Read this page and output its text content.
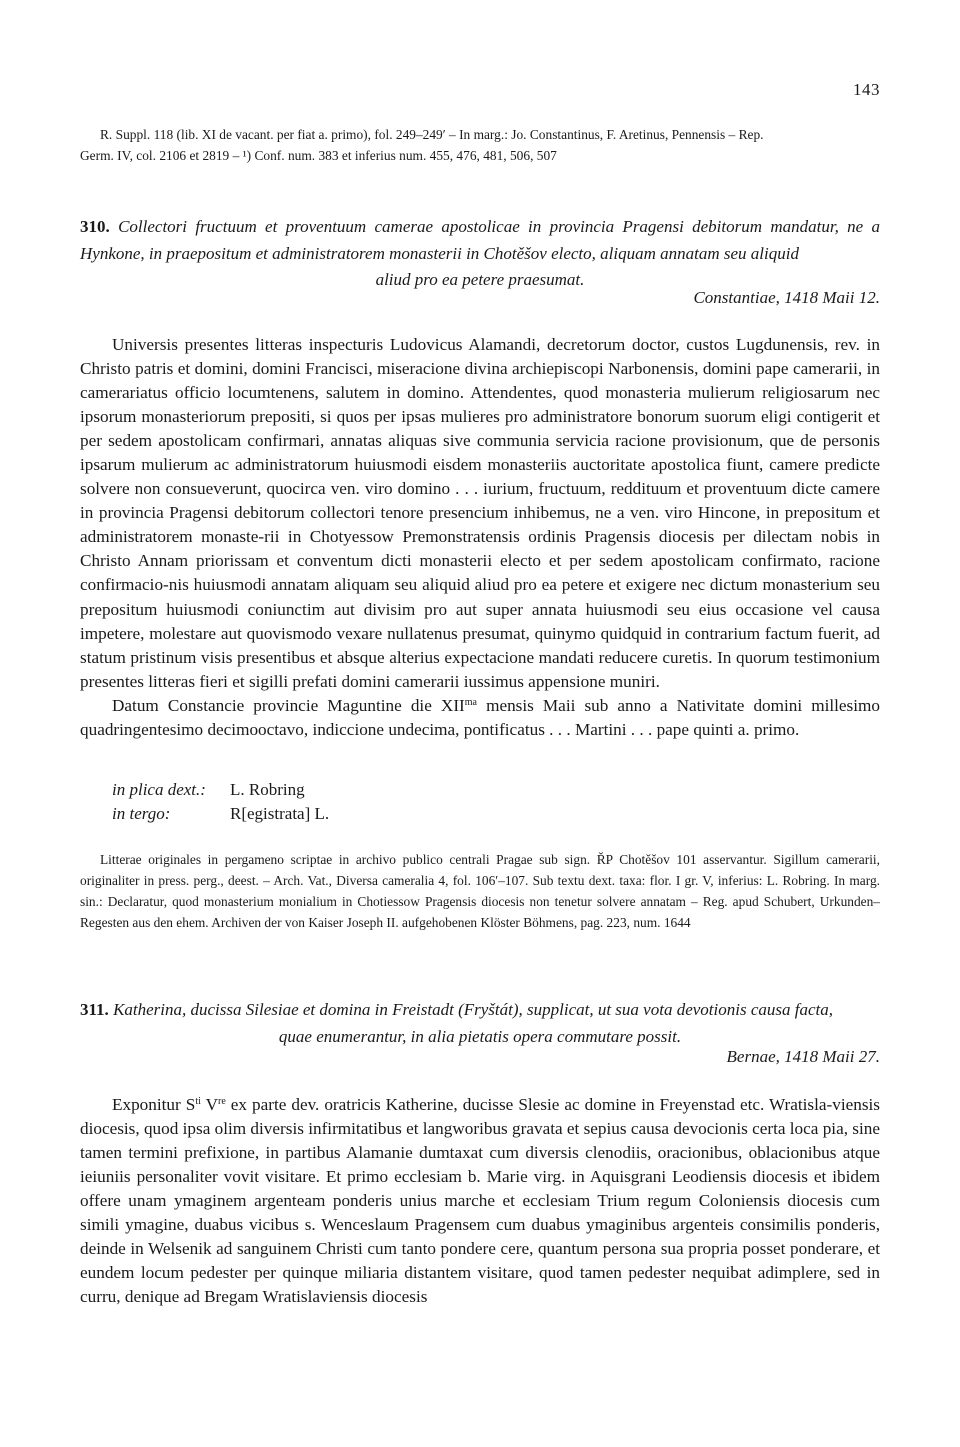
143
R. Suppl. 118 (lib. XI de vacant. per fiat a. primo), fol. 249–249′ – In marg.: Jo. Constantinus, F. Aretinus, Pennensis – Rep.
Germ. IV, col. 2106 et 2819 – ¹) Conf. num. 383 et inferius num. 455, 476, 481, 506, 507
310. Collectori fructuum et proventuum camerae apostolicae in provincia Pragensi debitorum mandatur, ne a Hynkone, in praepositum et administratorem monasterii in Chotěšov electo, aliquam annatam seu aliquid
aliud pro ea petere praesumat.
Constantiae, 1418 Maii 12.

Universis presentes litteras inspecturis Ludovicus Alamandi, decretorum doctor, custos Lugdunensis, rev. in Christo patris et domini, domini Francisci, miseracione divina archiepiscopi Narbonensis, domini pape camerarii, in camerariatus officio locumtenens, salutem in domino. Attendentes, quod monasteria mulierum religiosarum nec ipsorum monasteriorum prepositi, si quos per ipsas mulieres pro administratore bonorum suorum eligi contigerit et per sedem apostolicam confirmari, annatas aliquas sive communia servicia racione provisionum, que de personis ipsarum mulierum ac administratorum huiusmodi eisdem monasteriis auctoritate apostolica fiunt, camere predicte solvere non consueverunt, quocirca ven. viro domino . . . iurium, fructuum, reddituum et proventuum dicte camere in provincia Pragensi debitorum collectori tenore presencium inhibemus, ne a ven. viro Hincone, in prepositum et administratorem monaste-rii in Chotyessow Premonstratensis ordinis Pragensis diocesis per dilectam nobis in Christo Annam priorissam et conventum dicti monasterii electo et per sedem apostolicam confirmato, racione confirmacio-nis huiusmodi annatam aliquam seu aliquid aliud pro ea petere et exigere nec dictum monasterium seu prepositum huiusmodi coniunctim aut divisim pro aut super annata huiusmodi seu eius occasione vel causa impetere, molestare aut quovismodo vexare nullatenus presumat, quinymo quidquid in contrarium factum fuerit, ad statum pristinum visis presentibus et absque alterius expectacione mandati reducere curetis. In quorum testimonium presentes litteras fieri et sigilli prefati domini camerarii iussimus appensione muniri.

Datum Constancie provincie Maguntine die $XII^{ma}$ mensis Maii sub anno a Nativitate domini millesimo quadringentesimo decimooctavo, indiccione undecima, pontificatus . . . Martini . . . pape quinti a. primo.

in plica dext.:	L. Robring
in tergo:	R[egistrata] L.
Litterae originales in pergameno scriptae in archivo publico centrali Pragae sub sign. ŘP Chotěšov 101 asservantur. Sigillum camerarii, originaliter in press. perg., deest. – Arch. Vat., Diversa cameralia 4, fol. 106′–107. Sub textu dext. taxa: flor. I gr. V, inferius: L. Robring. In marg. sin.: Declaratur, quod monasterium monialium in Chotiessow Pragensis diocesis non tenetur solvere annatam – Reg. apud Schubert, Urkunden–Regesten aus den ehem. Archiven der von Kaiser Joseph II. aufgehobenen Klöster Böhmens, pag. 223, num. 1644
311. Katherina, ducissa Silesiae et domina in Freistadt (Fryštát), supplicat, ut sua vota devotionis causa facta,
quae enumerantur, in alia pietatis opera commutare possit.
Bernae, 1418 Maii 27.

Exponitur $S^{ti}$ Vre ex parte dev. oratricis Katherine, ducisse Slesie ac domine in Freyenstad etc. Wratisla-viensis diocesis, quod ipsa olim diversis infirmitatibus et langworibus gravata et sepius causa devocionis certa loca pia, sine tamen termini prefixione, in partibus Alamanie dumtaxat cum diversis clenodiis, oracionibus, oblacionibus atque ieiuniis personaliter vovit visitare. Et primo ecclesiam b. Marie virg. in Aquisgrani Leodiensis diocesis et ibidem offere unam ymaginem argenteam ponderis unius marche et ecclesiam Trium regum Coloniensis diocesis cum simili ymagine, duabus vicibus s. Wenceslaum Pragensem cum duabus ymaginibus argenteis consimilis ponderis, deinde in Welsenik ad sanguinem Christi cum tanto pondere cere, quantum persona sua propria posset ponderare, et eundem locum pedester per quinque miliaria distantem visitare, quod tamen pedester nequibat adimplere, sed in curru, denique ad Bregam Wratislaviensis diocesis
